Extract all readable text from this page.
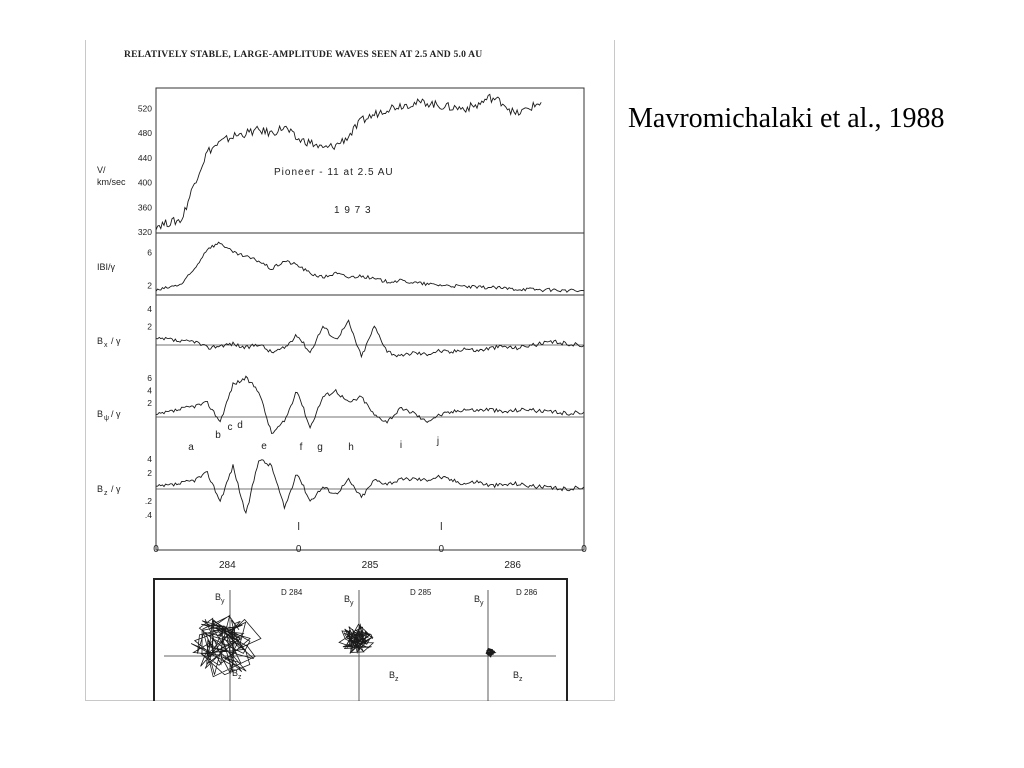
RELATIVELY STABLE, LARGE-AMPLITUDE WAVES SEEN AT 2.5 AND 5.0 AU
V/
km/sec
IBI/γ
B x / γ
B ψ / γ
B z / γ
320
360
400
440
480
520
2
6
4
2
6
4
2
4
2
.2
.4
Pioneer - 11 at 2.5 AU
1 9 7 3
a
b
c d
e	f g	h	i	j
0	0	0	0
284	285	286
B y
B z
D 284
B y
B z
D 285
B y
B z
D 286

Mavromichalaki et al., 1988
